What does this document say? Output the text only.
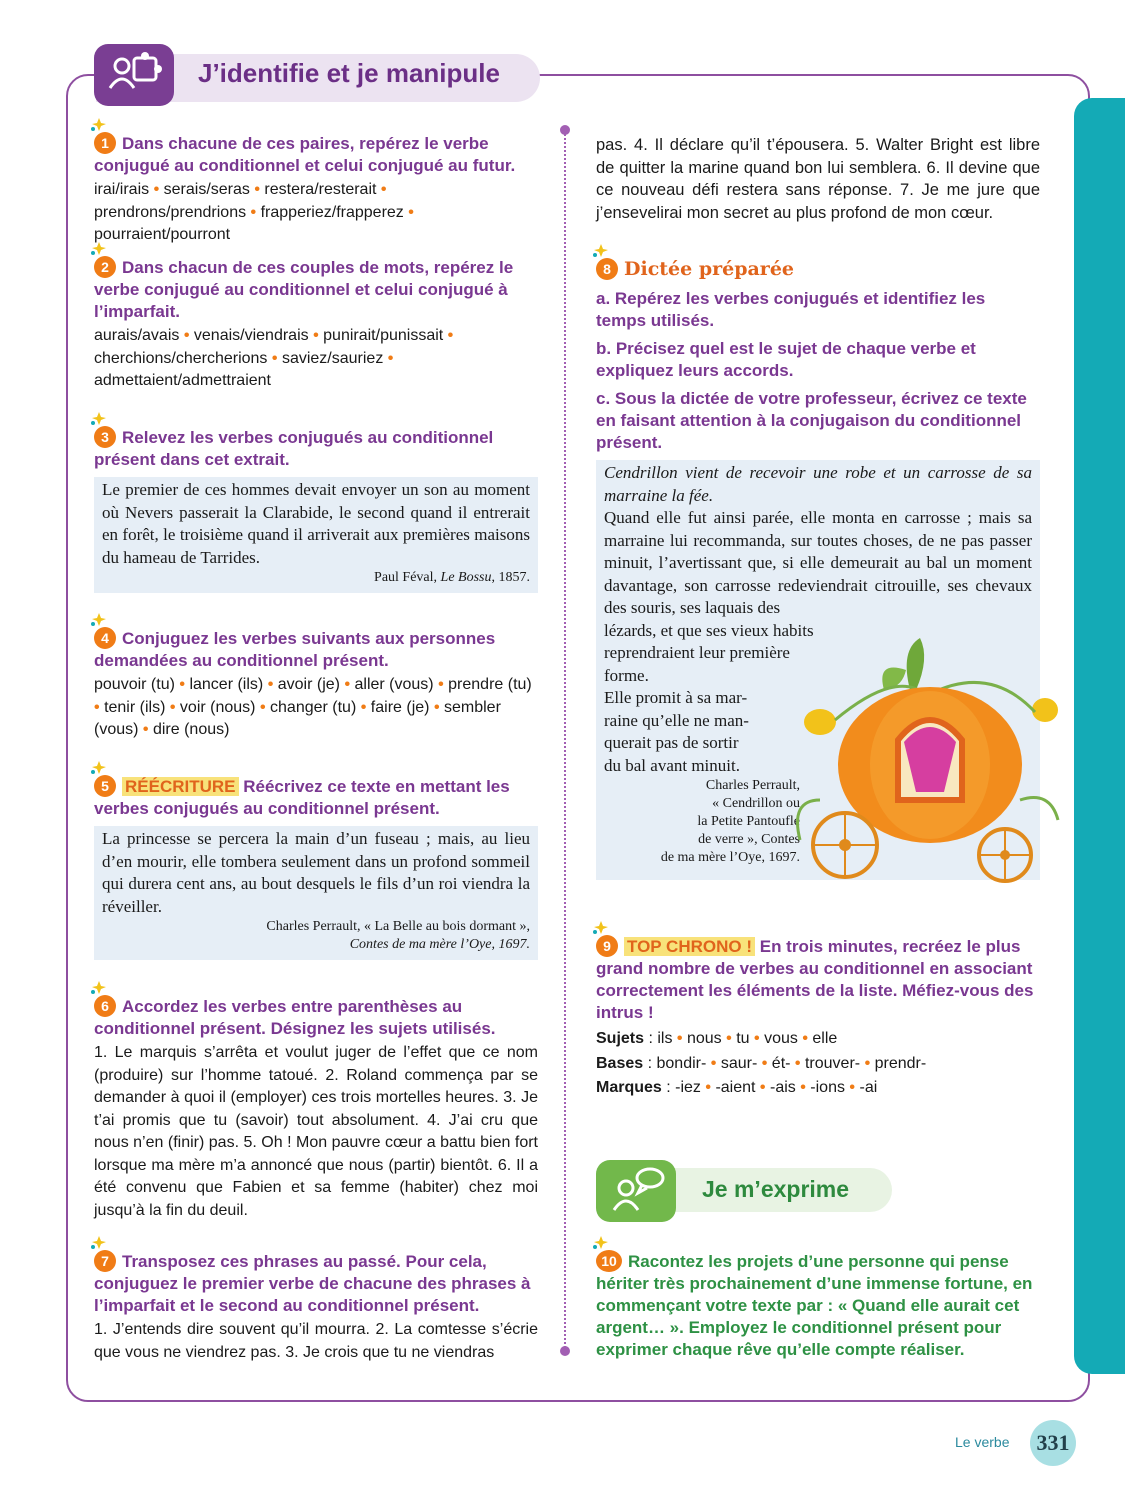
J’identifie et je manipule
1 Dans chacune de ces paires, repérez le verbe conjugué au conditionnel et celui conjugué au futur.
irai/irais • serais/seras • restera/resterait • prendrons/prendrions • frapperiez/frapperez • pourraient/pourront
2 Dans chacun de ces couples de mots, repérez le verbe conjugué au conditionnel et celui conjugué à l’imparfait.
aurais/avais • venais/viendrais • punirait/punissait • cherchions/chercherions • saviez/sauriez • admettaient/admettraient
3 Relevez les verbes conjugués au conditionnel présent dans cet extrait.
Le premier de ces hommes devait envoyer un son au moment où Nevers passerait la Clarabide, le second quand il entrerait en forêt, le troisième quand il arriverait aux premières maisons du hameau de Tarrides.
Paul Féval, Le Bossu, 1857.
4 Conjuguez les verbes suivants aux personnes demandées au conditionnel présent.
pouvoir (tu) • lancer (ils) • avoir (je) • aller (vous) • prendre (tu) • tenir (ils) • voir (nous) • changer (tu) • faire (je) • sembler (vous) • dire (nous)
5 RÉÉCRITURE Réécrivez ce texte en mettant les verbes conjugués au conditionnel présent.
La princesse se percera la main d’un fuseau ; mais, au lieu d’en mourir, elle tombera seulement dans un profond sommeil qui durera cent ans, au bout desquels le fils d’un roi viendra la réveiller.
Charles Perrault, « La Belle au bois dormant »,
Contes de ma mère l’Oye, 1697.
6 Accordez les verbes entre parenthèses au conditionnel présent. Désignez les sujets utilisés.
1. Le marquis s’arrêta et voulut juger de l’effet que ce nom (produire) sur l’homme tatoué. 2. Roland commença par se demander à quoi il (employer) ces trois mortelles heures. 3. Je t’ai promis que tu (savoir) tout absolument. 4. J’ai cru que nous n’en (finir) pas. 5. Oh ! Mon pauvre cœur a battu bien fort lorsque ma mère m’a annoncé que nous (partir) bientôt. 6. Il a été convenu que Fabien et sa femme (habiter) chez moi jusqu’à la fin du deuil.
7 Transposez ces phrases au passé. Pour cela, conjuguez le premier verbe de chacune des phrases à l’imparfait et le second au conditionnel présent.
1. J’entends dire souvent qu’il mourra. 2. La comtesse s’écrie que vous ne viendrez pas. 3. Je crois que tu ne viendras
pas. 4. Il déclare qu’il t’épousera. 5. Walter Bright est libre de quitter la marine quand bon lui semblera. 6. Il devine que ce nouveau défi restera sans réponse. 7. Je me jure que j’ensevelirai mon secret au plus profond de mon cœur.
8 Dictée préparée
a. Repérez les verbes conjugués et identifiez les temps utilisés.
b. Précisez quel est le sujet de chaque verbe et expliquez leurs accords.
c. Sous la dictée de votre professeur, écrivez ce texte en faisant attention à la conjugaison du conditionnel présent.
Cendrillon vient de recevoir une robe et un carrosse de sa marraine la fée.
Quand elle fut ainsi parée, elle monta en carrosse ; mais sa marraine lui recommanda, sur toutes choses, de ne pas passer minuit, l’avertissant que, si elle demeurait au bal un moment davantage, son carrosse redeviendrait citrouille, ses chevaux des souris, ses laquais des
lézards, et que ses vieux habits
reprendraient leur première
forme.
Elle promit à sa mar-
raine qu’elle ne man-
querait pas de sortir
du bal avant minuit.
Charles Perrault,
« Cendrillon ou
la Petite Pantoufle
de verre », Contes
de ma mère l’Oye, 1697.
9 TOP CHRONO ! En trois minutes, recréez le plus grand nombre de verbes au conditionnel en associant correctement les éléments de la liste. Méfiez-vous des intrus !
Sujets : ils • nous • tu • vous • elle
Bases : bondir- • saur- • ét- • trouver- • prendr-
Marques : -iez • -aient • -ais • -ions • -ai
Je m’exprime
10 Racontez les projets d’une personne qui pense hériter très prochainement d’une immense fortune, en commençant votre texte par : « Quand elle aurait cet argent… ». Employez le conditionnel présent pour exprimer chaque rêve qu’elle compte réaliser.
Le verbe 331
